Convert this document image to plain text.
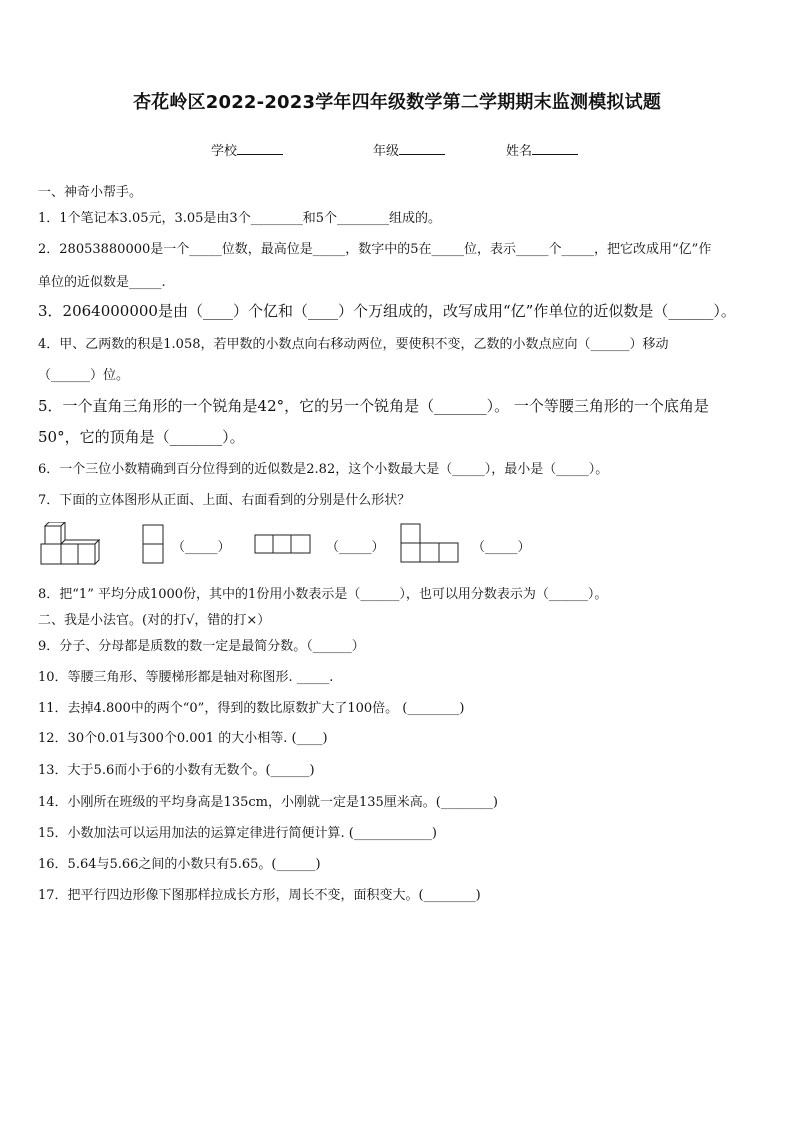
杏花岭区2022-2023学年四年级数学第二学期期末监测模拟试题
学校	年级	姓名
一、神奇小帮手。
1．1个笔记本3.05元，3.05是由3个________和5个________组成的。
2．28053880000是一个_____位数，最高位是_____，数字中的5在_____位，表示_____个_____，把它改成用“亿”作
单位的近似数是_____.
3．2064000000是由（____）个亿和（____）个万组成的，改写成用“亿”作单位的近似数是（______）。
4．甲、乙两数的积是1.058，若甲数的小数点向右移动两位，要使积不变，乙数的小数点应向（______）移动
（______）位。
5．一个直角三角形的一个锐角是42°，它的另一个锐角是（_______）。 一个等腰三角形的一个底角是
50°，它的顶角是（_______）。
6．一个三位小数精确到百分位得到的近似数是2.82，这个小数最大是（_____），最小是（_____）。
7．下面的立体图形从正面、上面、右面看到的分别是什么形状？
（_____）	（_____）	（_____）
8．把“1” 平均分成1000份，其中的1份用小数表示是（______），也可以用分数表示为（______）。
二、我是小法官。(对的打√，错的打×）
9．分子、分母都是质数的数一定是最简分数。（______）
10．等腰三角形、等腰梯形都是轴对称图形. _____.
11．去掉4.800中的两个“0”，得到的数比原数扩大了100倍。 (________)
12．30个0.01与300个0.001 的大小相等. (____)
13．大于5.6而小于6的小数有无数个。(______)
14．小刚所在班级的平均身高是135cm，小刚就一定是135厘米高。(________)
15．小数加法可以运用加法的运算定律进行简便计算. (____________)
16．5.64与5.66之间的小数只有5.65。(______)
17．把平行四边形像下图那样拉成长方形，周长不变，面积变大。(________)
